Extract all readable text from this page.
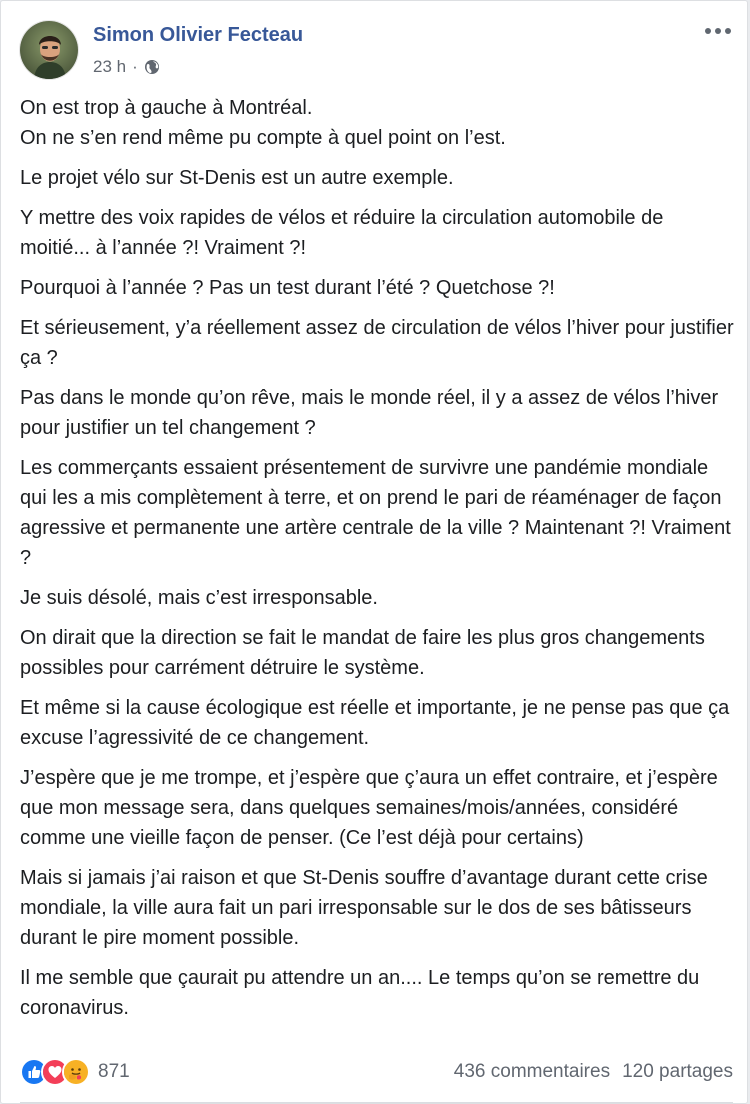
Simon Olivier Fecteau
23 h ·

On est trop à gauche à Montréal.
On ne s’en rend même pu compte à quel point on l’est.

Le projet vélo sur St-Denis est un autre exemple.

Y mettre des voix rapides de vélos et réduire la circulation automobile de moitié... à l’année ?! Vraiment ?!

Pourquoi à l’année ? Pas un test durant l’été ? Quetchose ?!

Et sérieusement, y’a réellement assez de circulation de vélos l’hiver pour justifier ça ?

Pas dans le monde qu’on rêve, mais le monde réel, il y a assez de vélos l’hiver pour justifier un tel changement ?

Les commerçants essaient présentement de survivre une pandémie mondiale qui les a mis complètement à terre, et on prend le pari de réaménager de façon agressive et permanente une artère centrale de la ville ? Maintenant ?! Vraiment ?

Je suis désolé, mais c’est irresponsable.

On dirait que la direction se fait le mandat de faire les plus gros changements possibles pour carrément détruire le système.

Et même si la cause écologique est réelle et importante, je ne pense pas que ça excuse l’agressivité de ce changement.

J’espère que je me trompe, et j’espère que ç’aura un effet contraire, et j’espère que mon message sera, dans quelques semaines/mois/années, considéré comme une vieille façon de penser. (Ce l’est déjà pour certains)

Mais si jamais j’ai raison et que St-Denis souffre d’avantage durant cette crise mondiale, la ville aura fait un pari irresponsable sur le dos de ses bâtisseurs durant le pire moment possible.

Il me semble que çaurait pu attendre un an.... Le temps qu’on se remettre du coronavirus.

871	436 commentaires 120 partages
